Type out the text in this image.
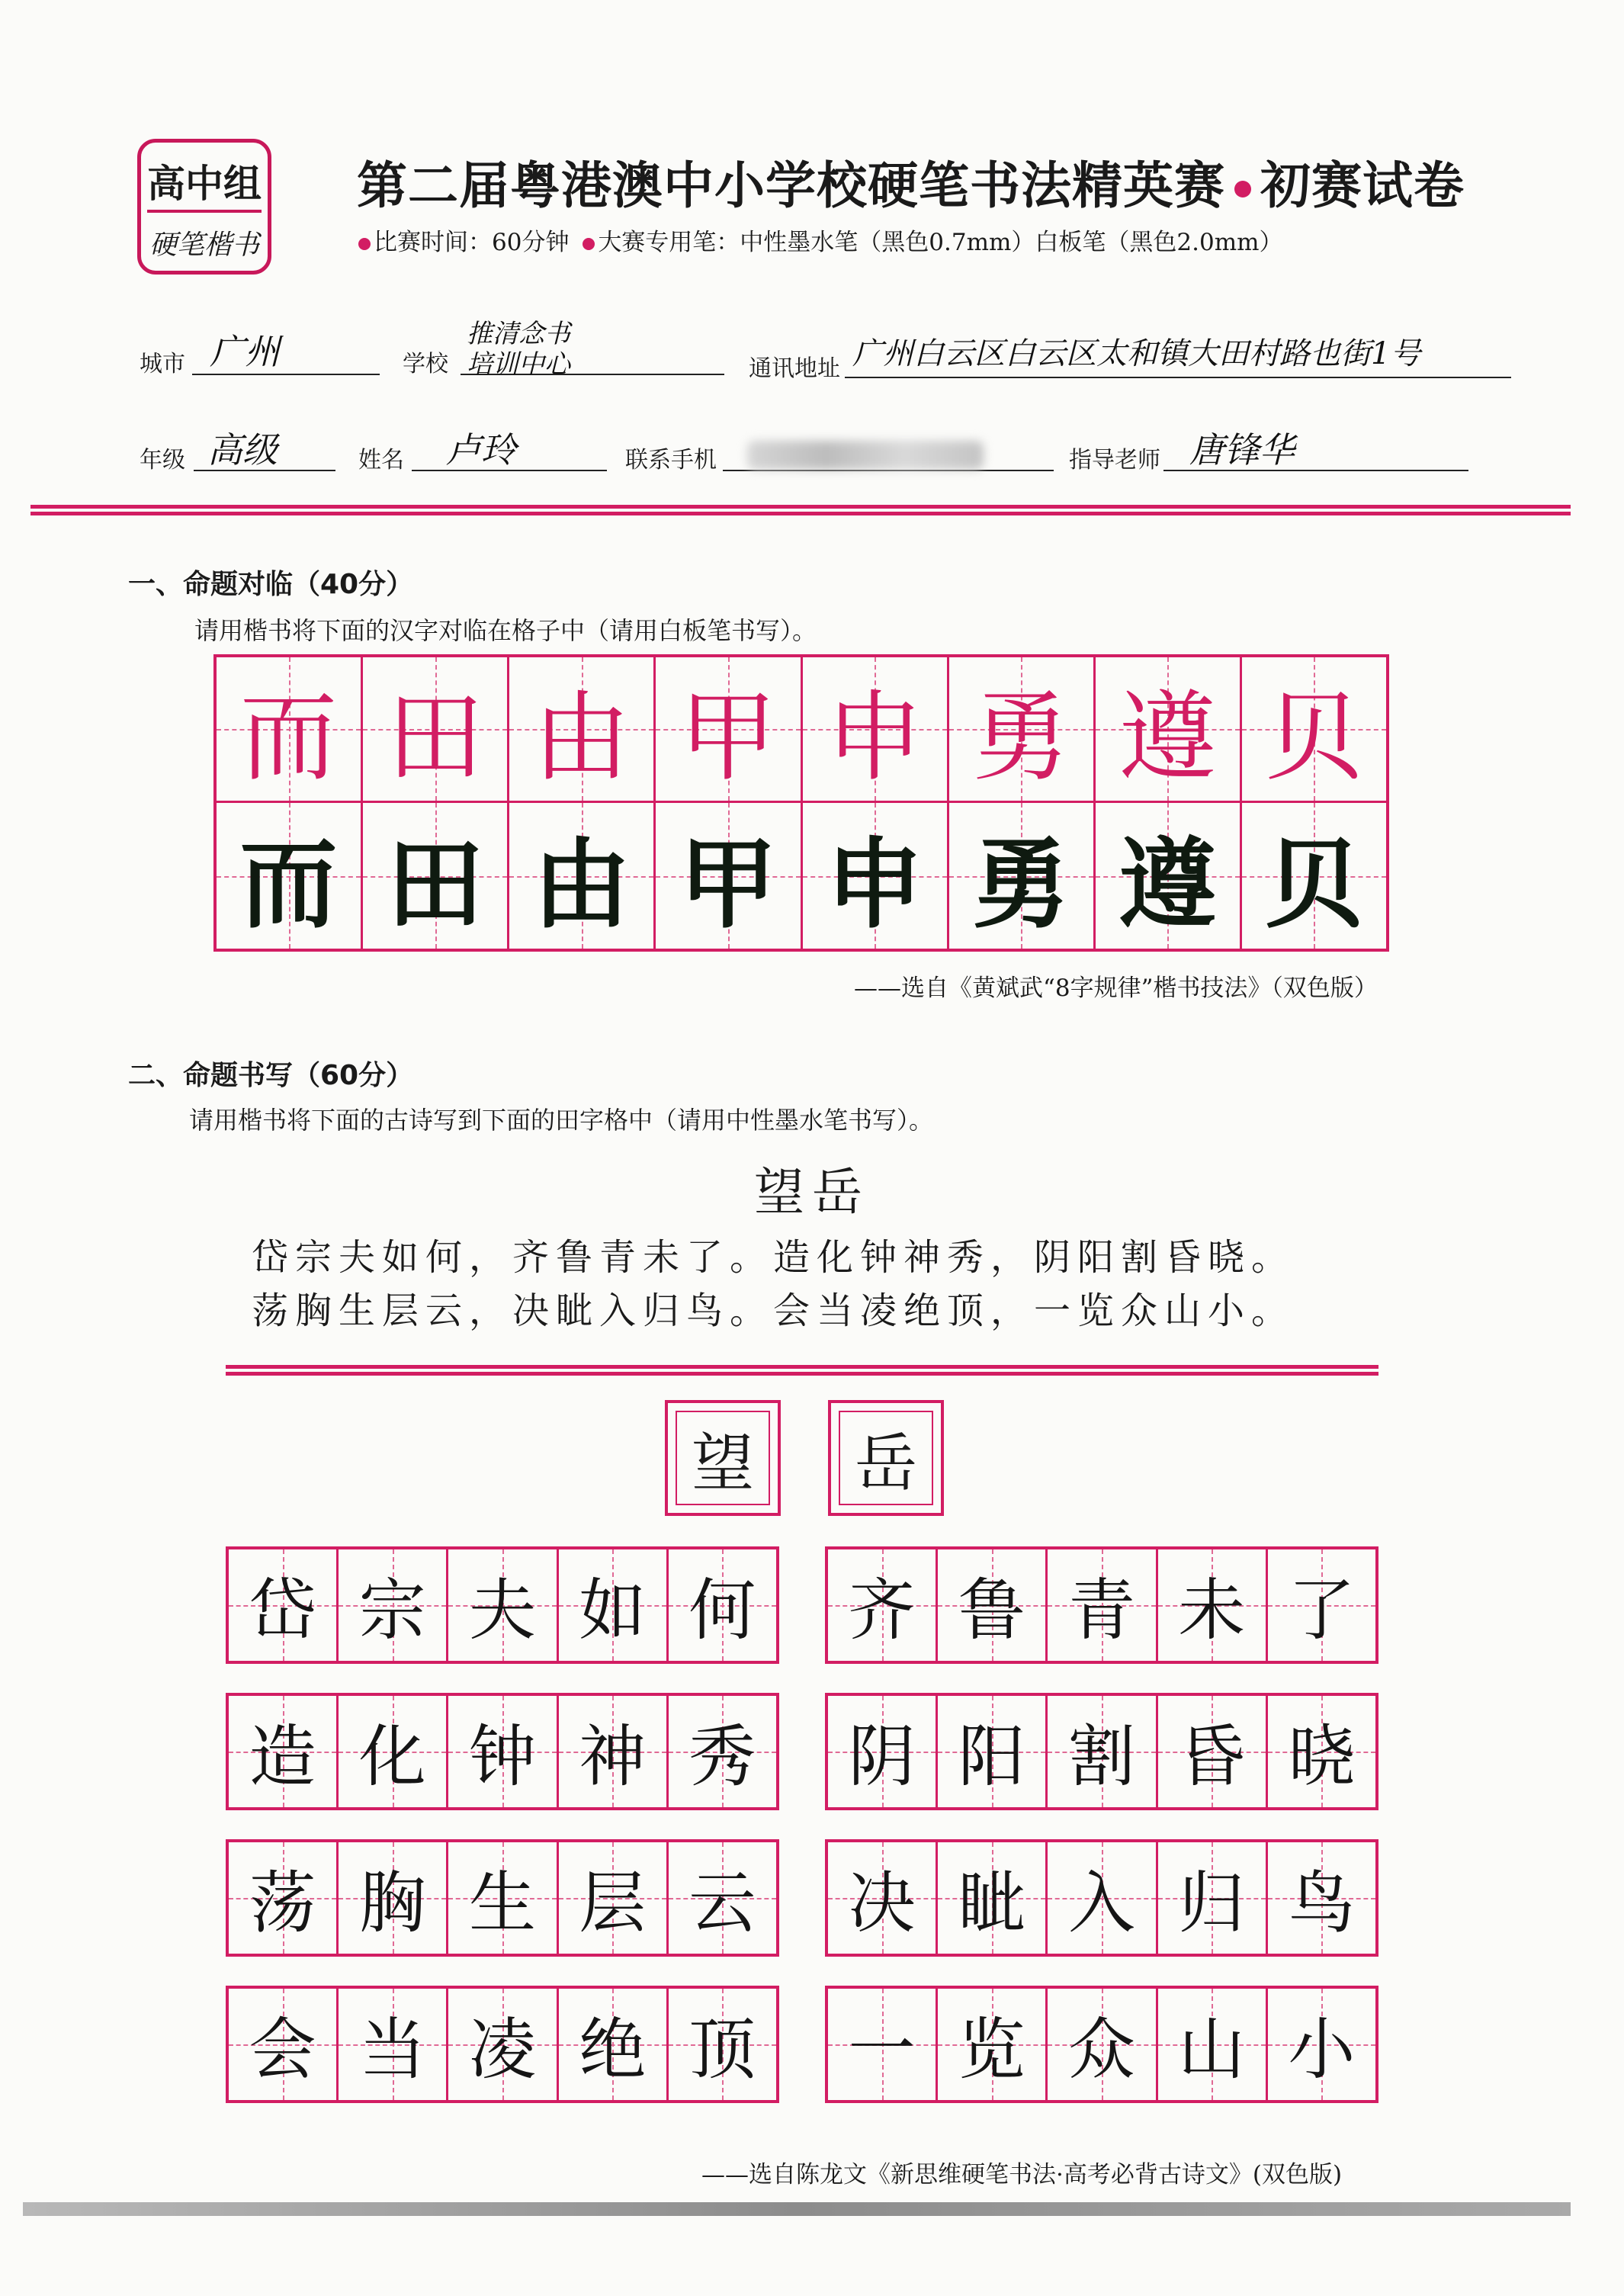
高中组
硬笔楷书
第二届粤港澳中小学校硬笔书法精英赛 初赛试卷
比赛时间：60分钟 大赛专用笔：中性墨水笔（黑色0.7mm）白板笔（黑色2.0mm）
城市 广州	学校
推清念书
培训中心	通讯地址 广州白云区白云区太和镇大田村路也街1号
年级 高级	姓名 卢玲	联系手机	指导老师 唐锋华
一、命题对临（40分）
请用楷书将下面的汉字对临在格子中（请用白板笔书写）。
而 田 由 甲 申 勇 遵 贝
而 田 由 甲 申 勇 遵 贝
——选自《黄斌武“8字规律”楷书技法》（双色版）
二、命题书写（60分）
请用楷书将下面的古诗写到下面的田字格中（请用中性墨水笔书写）。
望岳
岱宗夫如何，齐鲁青未了。造化钟神秀，阴阳割昏晓。
荡胸生层云，决眦入归鸟。会当凌绝顶，一览众山小。
望 岳
岱 宗 夫 如 何 齐 鲁 青 未 了
造 化 钟 神 秀 阴 阳 割 昏 晓
荡 胸 生 层 云 决 眦 入 归 鸟
会 当 凌 绝 顶 一 览 众 山 小
——选自陈龙文《新思维硬笔书法·高考必背古诗文》(双色版)
